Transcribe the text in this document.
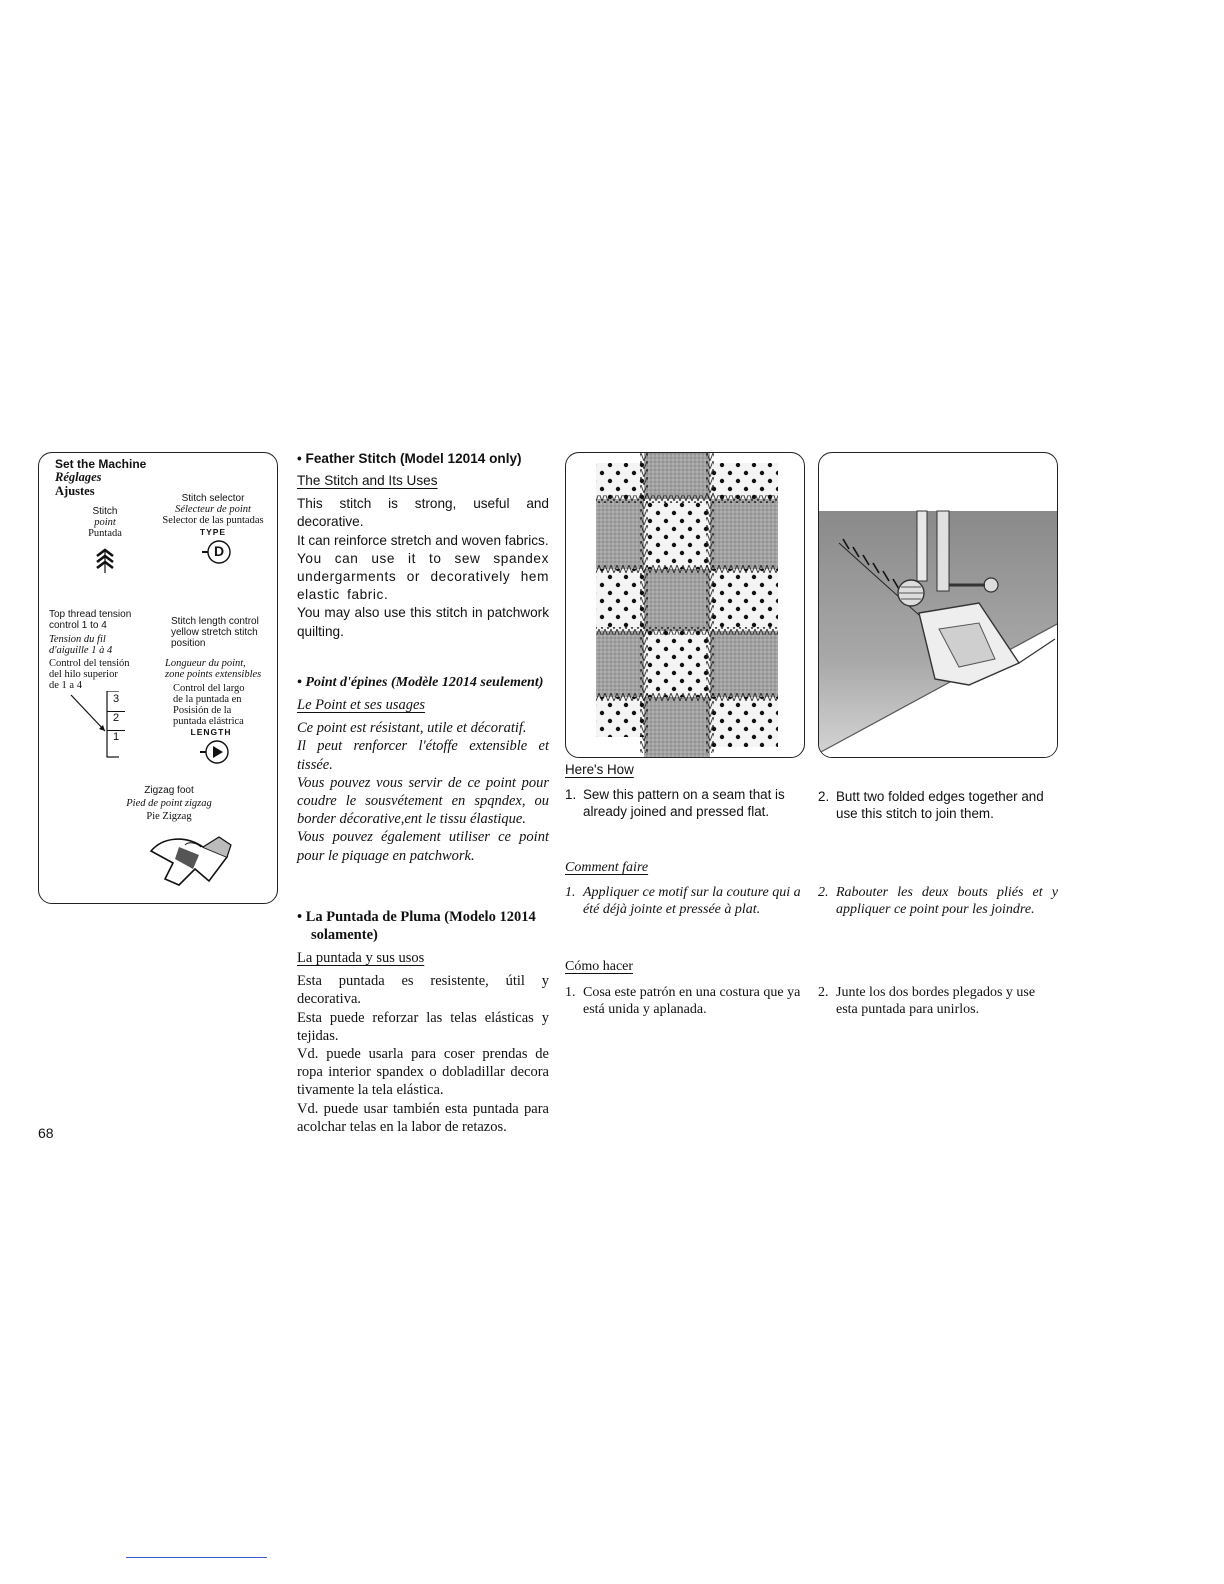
Set the Machine
Réglages
Ajustes
Stitch
point
Puntada
Stitch selector
Sélecteur de point
Selector de las puntadas
TYPE
D
Top thread tension
control 1 to 4
Tension du fil
d'aiguille 1 à 4
Control del tensión
del hilo superior
de 1 a 4
3
2
1
Stitch length control
yellow stretch stitch
position
Longueur du point,
zone points extensibles
Control del largo
de la puntada en
Posisión de la
puntada elástrica
LENGTH
Zigzag foot
Pied de point zigzag
Pie Zigzag
68
• Feather Stitch (Model 12014 only)
The Stitch and Its Uses
This stitch is strong, useful and decorative.
It can reinforce stretch and woven fabrics.
You can use it to sew spandex undergarments or decoratively hem elastic fabric.
You may also use this stitch in patchwork quilting.
• Point d'épines (Modèle 12014 seulement)
Le Point et ses usages
Ce point est résistant, utile et décoratif.
Il peut renforcer l'étoffe extensible et tissée.
Vous pouvez vous servir de ce point pour coudre le sousvétement en spqndex, ou border décorative,ent le tissu élastique.
Vous pouvez également utiliser ce point pour le piquage en patchwork.
• La Puntada de Pluma (Modelo 12014 solamente)
La puntada y sus usos
Esta puntada es resistente, útil y decorativa.
Esta puede reforzar las telas elásticas y tejidas.
Vd. puede usarla para coser prendas de ropa interior spandex o dobladillar decora tivamente la tela elástica.
Vd. puede usar también esta puntada para acolchar telas en la labor de retazos.
Here's How
1. Sew this pattern on a seam that is already joined and pressed flat.
2. Butt two folded edges together and use this stitch to join them.
Comment faire
1. Appliquer ce motif sur la couture qui a été déjà jointe et pressée à plat.
2. Rabouter les deux bouts pliés et y appliquer ce point pour les joindre.
Cómo hacer
1. Cosa este patrón en una costura que ya está unida y aplanada.
2. Junte los dos bordes plegados y use esta puntada para unirlos.
